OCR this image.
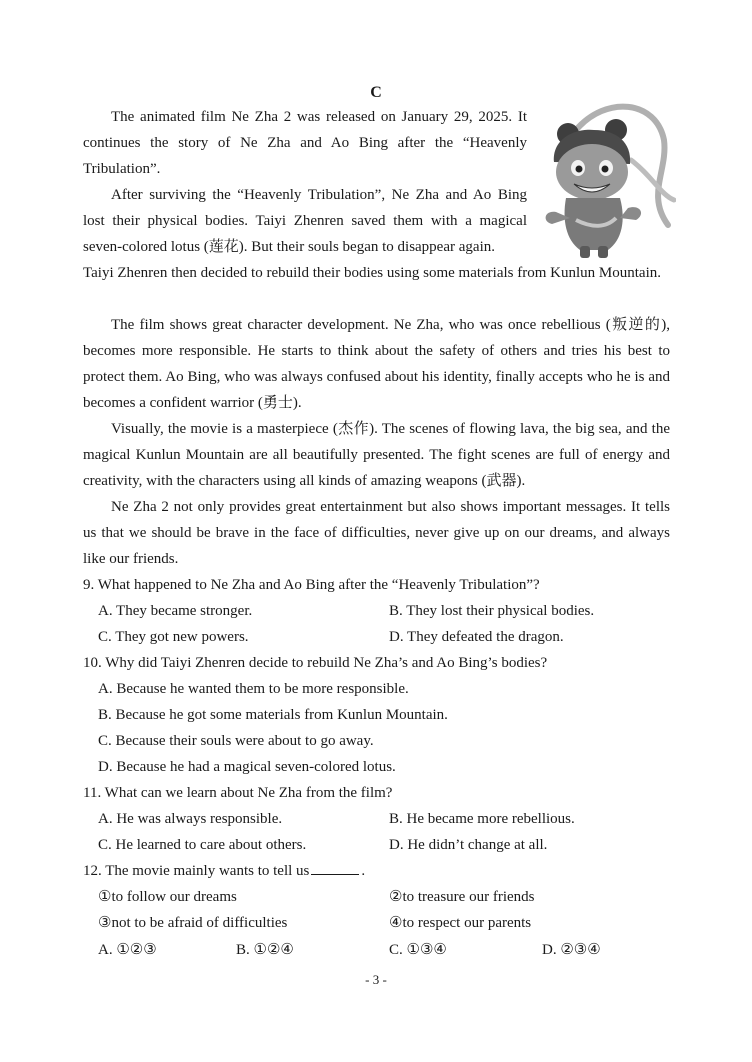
C

The animated film Ne Zha 2 was released on January 29, 2025. It continues the story of Ne Zha and Ao Bing after the “Heavenly Tribulation”.

After surviving the “Heavenly Tribulation”, Ne Zha and Ao Bing lost their physical bodies. Taiyi Zhenren saved them with a magical seven-colored lotus (莲花). But their souls began to disappear again.

Taiyi Zhenren then decided to rebuild their bodies using some materials from Kunlun Mountain.

The film shows great character development. Ne Zha, who was once rebellious (叛逆的), becomes more responsible. He starts to think about the safety of others and tries his best to protect them. Ao Bing, who was always confused about his identity, finally accepts who he is and becomes a confident warrior (勇士).

Visually, the movie is a masterpiece (杰作). The scenes of flowing lava, the big sea, and the magical Kunlun Mountain are all beautifully presented. The fight scenes are full of energy and creativity, with the characters using all kinds of amazing weapons (武器).

Ne Zha 2 not only provides great entertainment but also shows important messages. It tells us that we should be brave in the face of difficulties, never give up on our dreams, and always like our friends.

9. What happened to Ne Zha and Ao Bing after the “Heavenly Tribulation”?

A. They became stronger.	B. They lost their physical bodies.

C. They got new powers.	D. They defeated the dragon.

10. Why did Taiyi Zhenren decide to rebuild Ne Zha’s and Ao Bing’s bodies?

A. Because he wanted them to be more responsible.

B. Because he got some materials from Kunlun Mountain.

C. Because their souls were about to go away.

D. Because he had a magical seven-colored lotus.

11. What can we learn about Ne Zha from the film?

A. He was always responsible.	B. He became more rebellious.

C. He learned to care about others.	D. He didn’t change at all.

12. The movie mainly wants to tell us	.

①to follow our dreams	②to treasure our friends

③not to be afraid of difficulties	④to respect our parents

A. ①②③	B. ①②④	C. ①③④	D. ②③④

- 3 -
